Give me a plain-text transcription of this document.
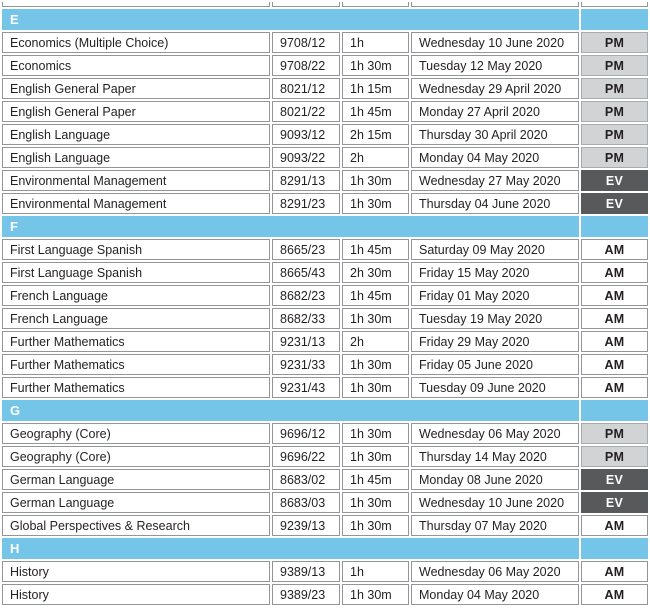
E				
Economics (Multiple Choice)	9708/12	1h	Wednesday 10 June 2020	PM
Economics	9708/22	1h 30m	Tuesday 12 May 2020	PM
English General Paper	8021/12	1h 15m	Wednesday 29 April 2020	PM
English General Paper	8021/22	1h 45m	Monday 27 April 2020	PM
English Language	9093/12	2h 15m	Thursday 30 April 2020	PM
English Language	9093/22	2h	Monday 04 May 2020	PM
Environmental Management	8291/13	1h 30m	Wednesday 27 May 2020	EV
Environmental Management	8291/23	1h 30m	Thursday 04 June 2020	EV
F				
First Language Spanish	8665/23	1h 45m	Saturday 09 May 2020	AM
First Language Spanish	8665/43	2h 30m	Friday 15 May 2020	AM
French Language	8682/23	1h 45m	Friday 01 May 2020	AM
French Language	8682/33	1h 30m	Tuesday 19 May 2020	AM
Further Mathematics	9231/13	2h	Friday 29 May 2020	AM
Further Mathematics	9231/33	1h 30m	Friday 05 June 2020	AM
Further Mathematics	9231/43	1h 30m	Tuesday 09 June 2020	AM
G				
Geography (Core)	9696/12	1h 30m	Wednesday 06 May 2020	PM
Geography (Core)	9696/22	1h 30m	Thursday 14 May 2020	PM
German Language	8683/02	1h 45m	Monday 08 June 2020	EV
German Language	8683/03	1h 30m	Wednesday 10 June 2020	EV
Global Perspectives & Research	9239/13	1h 30m	Thursday 07 May 2020	AM
H				
History	9389/13	1h	Wednesday 06 May 2020	AM
History	9389/23	1h 30m	Monday 04 May 2020	AM
